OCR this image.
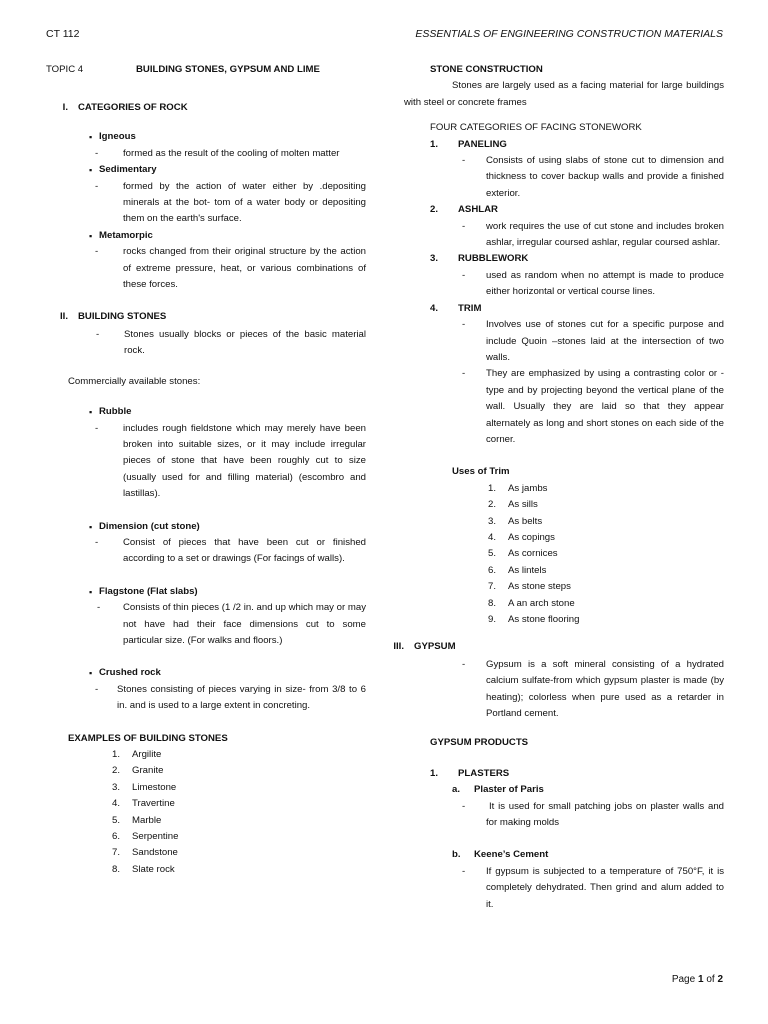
CT 112	ESSENTIALS OF ENGINEERING CONSTRUCTION MATERIALS
TOPIC 4	BUILDING STONES, GYPSUM AND LIME
I. CATEGORIES OF ROCK
▪ Igneous
-	formed as the result of the cooling of molten matter
▪ Sedimentary
-	formed by the action of water either by .depositing minerals at the bot- tom of a water body or depositing them on the earth's surface.
▪ Metamorpic
-	rocks changed from their original structure by the action of extreme pressure, heat, or various combinations of these forces.
II. BUILDING STONES
-	Stones usually blocks or pieces of the basic material rock.
Commercially available stones:
▪ Rubble
-	includes rough fieldstone which may merely have been broken into suitable sizes, or it may include irregular pieces of stone that have been roughly cut to size (usually used for and filling material) (escombro and lastillas).
▪ Dimension (cut stone)
-	Consist of pieces that have been cut or finished according to a set or drawings (For facings of walls).
▪ Flagstone (Flat slabs)
- Consists of thin pieces (1 /2 in. and up which may or may not have had their face dimensions cut to some particular size. (For walks and floors.)
▪ Crushed rock
- Stones consisting of pieces varying in size- from 3/8 to 6 in. and is used to a large extent in concreting.
EXAMPLES OF BUILDING STONES
1. Argilite
2. Granite
3. Limestone
4. Travertine
5. Marble
6. Serpentine
7. Sandstone
8. Slate rock
STONE CONSTRUCTION
Stones are largely used as a facing material for large buildings with steel or concrete frames
FOUR CATEGORIES OF FACING STONEWORK
1.	PANELING
- Consists of using slabs of stone cut to dimension and thickness to cover backup walls and provide a finished exterior.
2.	ASHLAR
- work requires the use of cut stone and includes broken ashlar, irregular coursed ashlar, regular coursed ashlar.
3.	RUBBLEWORK
- used as random when no attempt is made to produce either horizontal or vertical course lines.
4.	TRIM
- Involves use of stones cut for a specific purpose and include Quoin –stones laid at the intersection of two walls.
- They are emphasized by using a contrasting color or -type and by projecting beyond the vertical plane of the wall. Usually they are laid so that they appear alternately as long and short stones on each side of the corner.
Uses of Trim
1. As jambs
2. As sills
3. As belts
4. As copings
5. As cornices
6. As lintels
7. As stone steps
8. A an arch stone
9. As stone flooring
III. GYPSUM
- Gypsum is a soft mineral consisting of a hydrated calcium sulfate-from which gypsum plaster is made (by heating); colorless when pure used as a retarder in Portland cement.
GYPSUM PRODUCTS
1.	PLASTERS
a.	Plaster of Paris
-	It is used for small patching jobs on plaster walls and for making molds
b.	Keene’s Cement
- If gypsum is subjected to a temperature of 750°F, it is completely dehydrated. Then grind and alum added to it.
Page 1 of 2
